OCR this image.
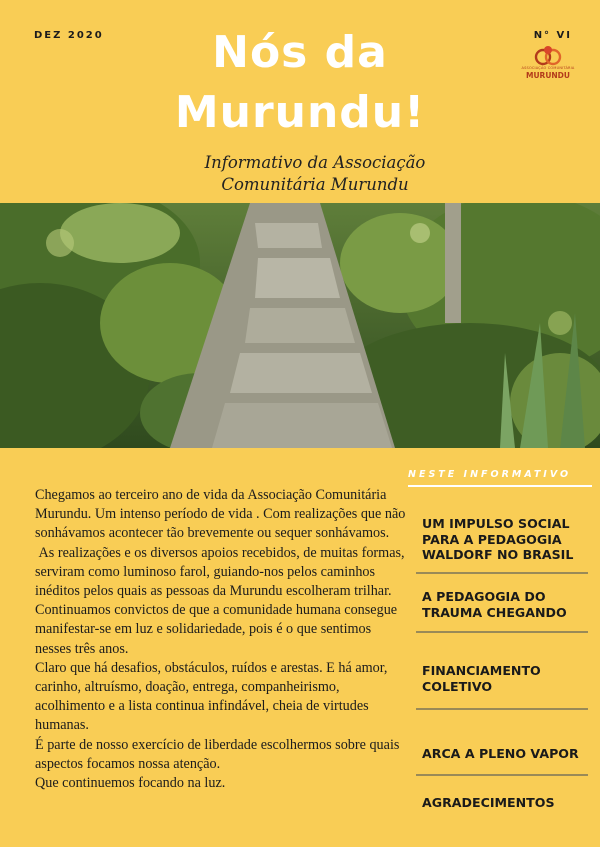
DEZ 2020	N° VI
Nós da
Murundu!
ASSOCIAÇÃO COMUNITÁRIA
MURUNDU
Informativo da Associação
Comunitária Murundu

Chegamos ao terceiro ano de vida da Associação Comunitária Murundu. Um intenso período de vida . Com realizações que não sonhávamos acontecer tão brevemente ou sequer sonhávamos.

As realizações e os diversos apoios recebidos, de muitas formas, serviram como luminoso farol, guiando-nos pelos caminhos inéditos pelos quais as pessoas da Murundu escolheram trilhar.

Continuamos convictos de que a comunidade humana consegue manifestar-se em luz e solidariedade, pois é o que sentimos nesses três anos.

Claro que há desafios, obstáculos, ruídos e arestas. E há amor, carinho, altruísmo, doação, entrega, companheirismo, acolhimento e a lista continua infindável, cheia de virtudes humanas.

É parte de nosso exercício de liberdade escolhermos sobre quais aspectos focamos nossa atenção.

Que continuemos focando na luz.

NESTE INFORMATIVO
UM IMPULSO SOCIAL PARA A PEDAGOGIA WALDORF NO BRASIL
A PEDAGOGIA DO TRAUMA CHEGANDO
FINANCIAMENTO COLETIVO
ARCA A PLENO VAPOR
AGRADECIMENTOS
